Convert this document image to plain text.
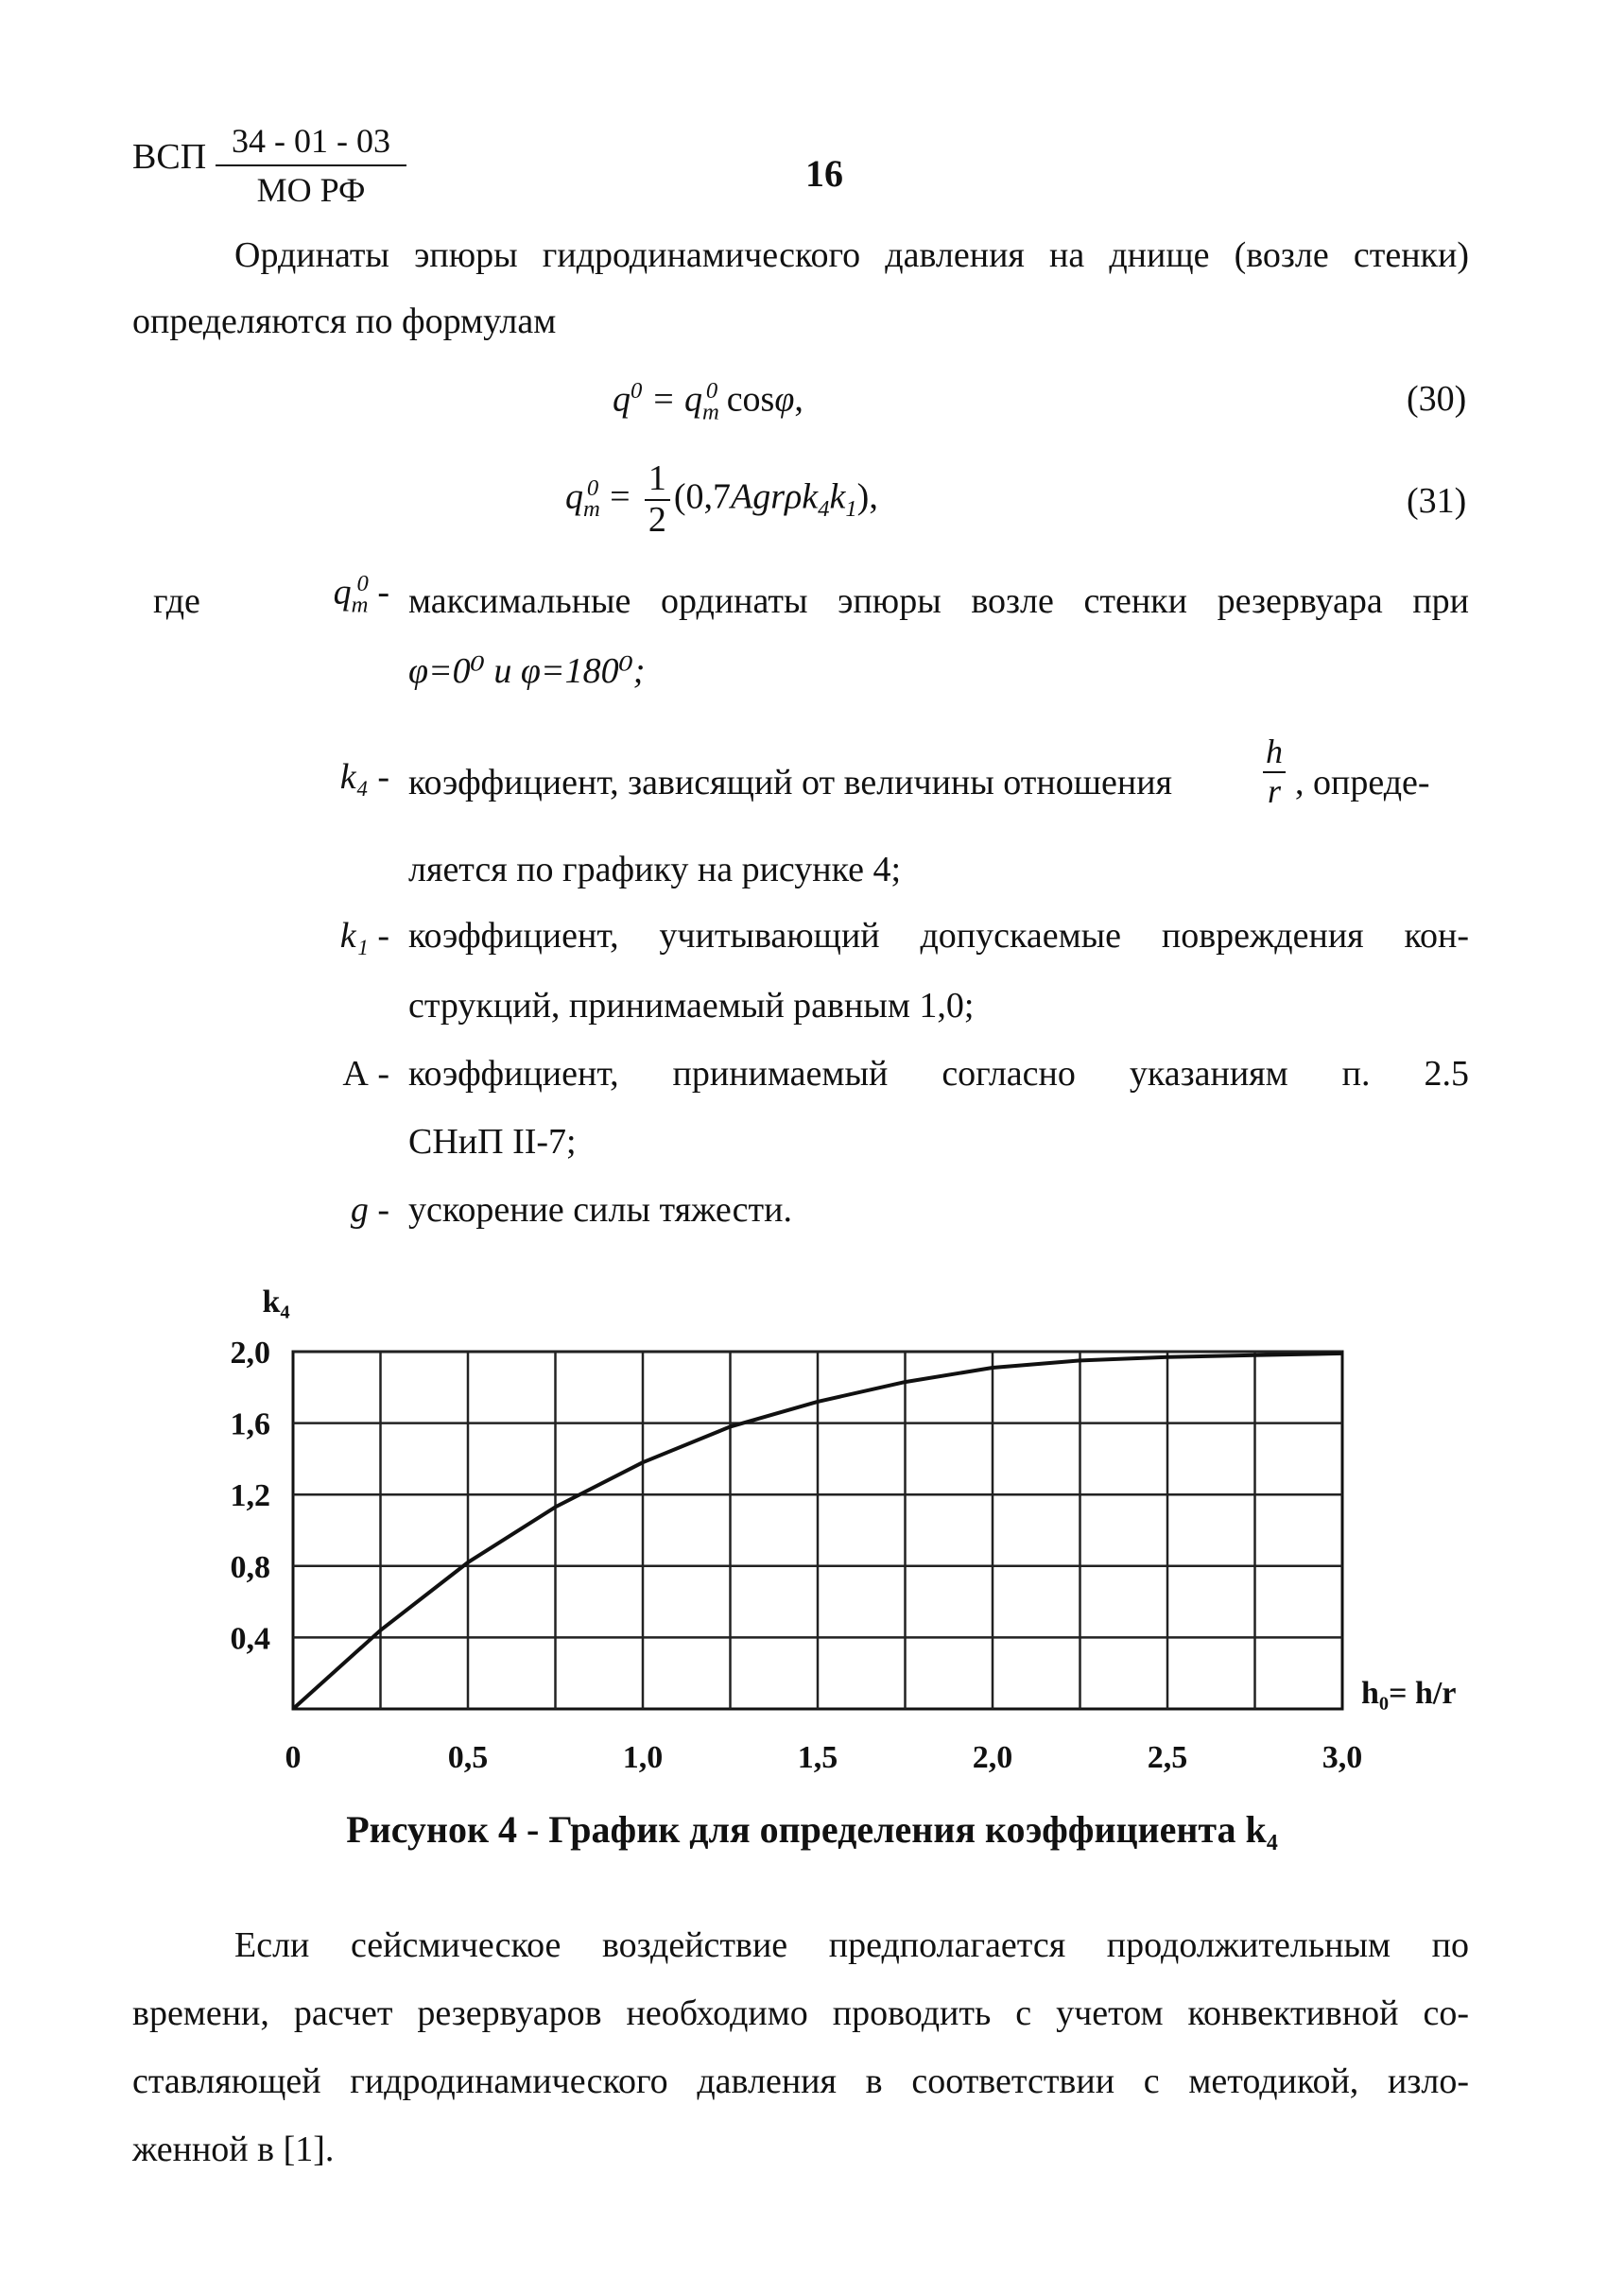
ВСП 34 - 01 - 03
МО РФ	16
Ординаты эпюры гидродинамического давления на днище (возле стенки)
определяются по формулам
$q^0 = q_m^0$ cosφ,	(30)
$q_m^0 = \frac{1}{2} (0,7Agr\rho k_4k_1)$,	(31)
где	$q_m^0$ - максимальные ординаты эпюры возле стенки резервуара при
φ=0⁰ и φ=180⁰;
k₄ - коэффициент, зависящий от величины отношения
h
r , опреде-
ляется по графику на рисунке 4;
k₁ - коэффициент, учитывающий допускаемые повреждения кон-
струкций, принимаемый равным 1,0;
А - коэффициент, принимаемый согласно указаниям п. 2.5
СНиП II-7;
g - ускорение силы тяжести.
2,0
1,6
1,2
0,8
0,4
0	0,5	1,0	1,5	2,0	2,5	3,0
k₄
h₀= h/r
Рисунок 4 - График для определения коэффициента k₄
Если сейсмическое воздействие предполагается продолжительным по
времени, расчет резервуаров необходимо проводить с учетом конвективной со-
ставляющей гидродинамического давления в соответствии с методикой, изло-
женной в [1].
